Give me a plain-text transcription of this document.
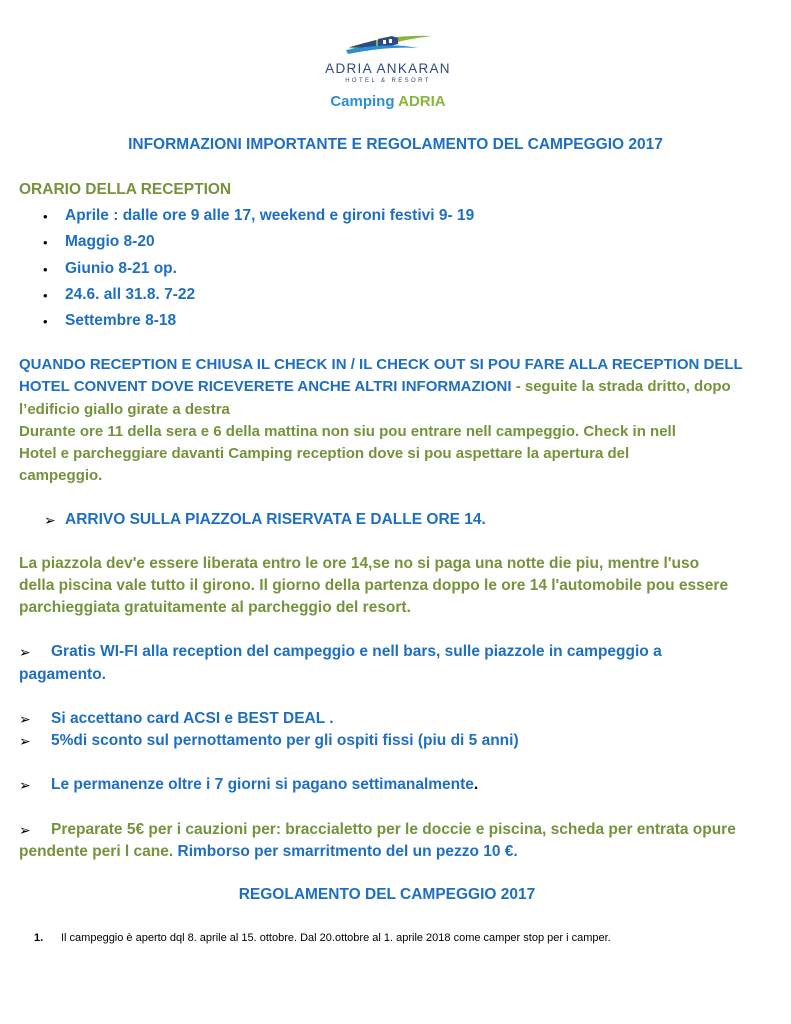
ADRIA ANKARAN
HOTEL & RESORT
Camping ADRIA
INFORMAZIONI IMPORTANTE E REGOLAMENTO DEL CAMPEGGIO 2017
ORARIO DELLA RECEPTION
• Aprile : dalle ore 9 alle 17, weekend e gironi festivi 9- 19
• Maggio 8-20
• Giunio 8-21 op.
• 24.6. all 31.8. 7-22
• Settembre 8-18
QUANDO RECEPTION E CHIUSA IL CHECK IN / IL CHECK OUT SI POU FARE ALLA RECEPTION DELL
HOTEL CONVENT DOVE RICEVERETE ANCHE ALTRI INFORMAZIONI - seguite la strada dritto, dopo
l’edificio giallo girate a destra
Durante ore 11 della sera e 6 della mattina non siu pou entrare nell campeggio. Check in nell
Hotel e parcheggiare davanti Camping reception dove si pou aspettare la apertura del
campeggio.
➢ ARRIVO SULLA PIAZZOLA RISERVATA E DALLE ORE 14.
La piazzola dev'e essere liberata entro le ore 14,se no si paga una notte die piu, mentre l'uso
della piscina vale tutto il girono. Il giorno della partenza doppo le ore 14 l'automobile pou essere
parchieggiata gratuitamente al parcheggio del resort.
➢ Gratis WI-FI alla reception del campeggio e nell bars, sulle piazzole in campeggio a
pagamento.
➢ Si accettano card ACSI e BEST DEAL .
➢ 5%di sconto sul pernottamento per gli ospiti fissi (piu di 5 anni)
➢ Le permanenze oltre i 7 giorni si pagano settimanalmente.
➢ Preparate 5€ per i cauzioni per: braccialetto per le doccie e piscina, scheda per entrata opure
pendente peri l cane. Rimborso per smarritmento del un pezzo 10 €.
REGOLAMENTO DEL CAMPEGGIO 2017
1. Il campeggio è aperto dql 8. aprile al 15. ottobre. Dal 20.ottobre al 1. aprile 2018 come camper stop per i camper.
